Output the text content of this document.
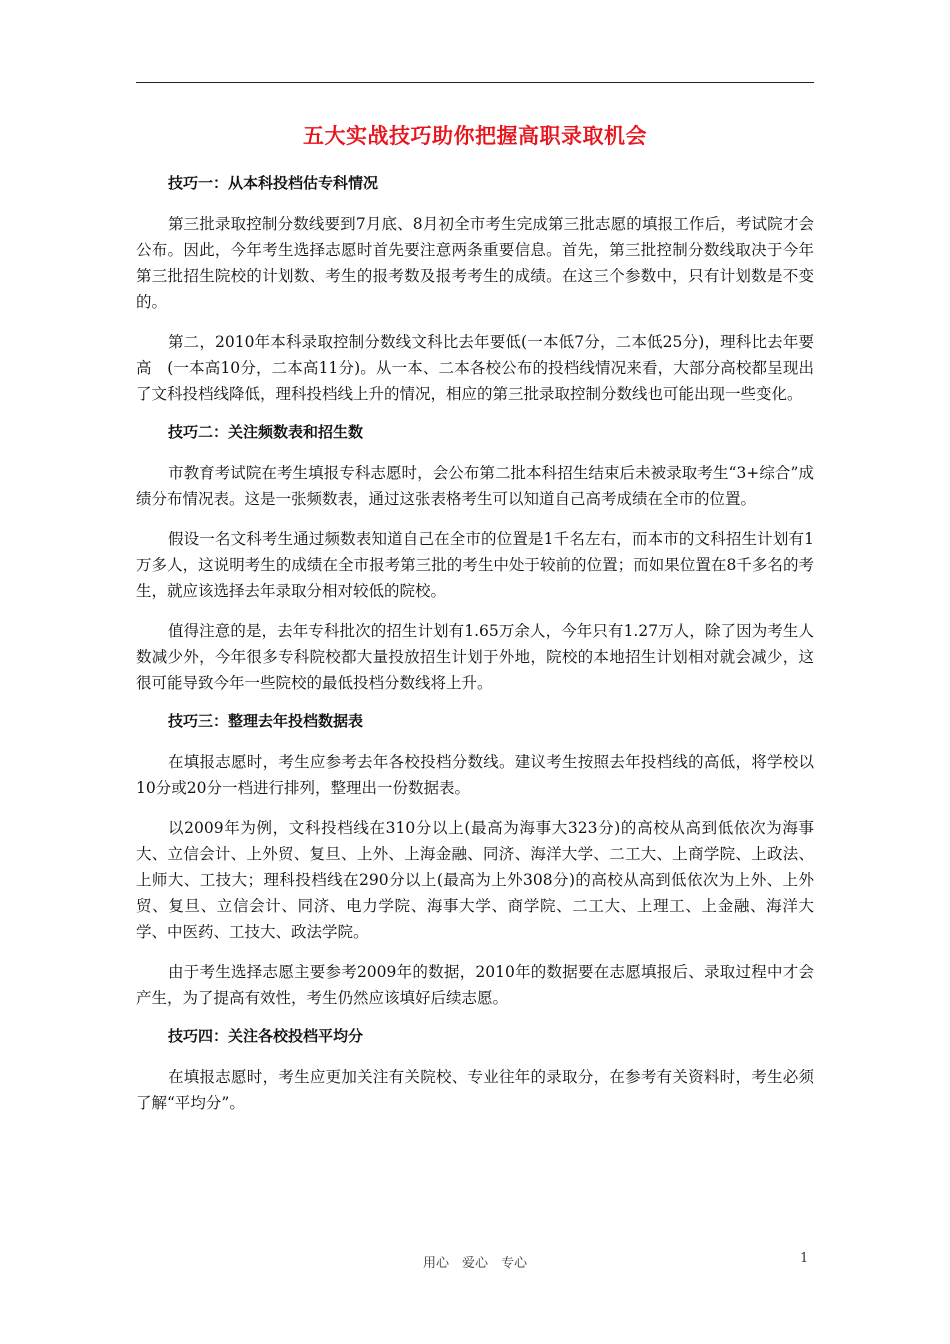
五大实战技巧助你把握高职录取机会
技巧一：从本科投档估专科情况

第三批录取控制分数线要到7月底、8月初全市考生完成第三批志愿的填报工作后，考试院才会公布。因此，今年考生选择志愿时首先要注意两条重要信息。首先，第三批控制分数线取决于今年第三批招生院校的计划数、考生的报考数及报考考生的成绩。在这三个参数中，只有计划数是不变的。

第二，2010年本科录取控制分数线文科比去年要低(一本低7分，二本低25分)，理科比去年要高　(一本高10分，二本高11分)。从一本、二本各校公布的投档线情况来看，大部分高校都呈现出了文科投档线降低，理科投档线上升的情况，相应的第三批录取控制分数线也可能出现一些变化。

技巧二：关注频数表和招生数

市教育考试院在考生填报专科志愿时，会公布第二批本科招生结束后未被录取考生“3+综合”成绩分布情况表。这是一张频数表，通过这张表格考生可以知道自己高考成绩在全市的位置。

假设一名文科考生通过频数表知道自己在全市的位置是1千名左右，而本市的文科招生计划有1万多人，这说明考生的成绩在全市报考第三批的考生中处于较前的位置；而如果位置在8千多名的考生，就应该选择去年录取分相对较低的院校。

值得注意的是，去年专科批次的招生计划有1.65万余人，今年只有1.27万人，除了因为考生人数减少外，今年很多专科院校都大量投放招生计划于外地，院校的本地招生计划相对就会减少，这很可能导致今年一些院校的最低投档分数线将上升。

技巧三：整理去年投档数据表

在填报志愿时，考生应参考去年各校投档分数线。建议考生按照去年投档线的高低，将学校以10分或20分一档进行排列，整理出一份数据表。

以2009年为例，文科投档线在310分以上(最高为海事大323分)的高校从高到低依次为海事大、立信会计、上外贸、复旦、上外、上海金融、同济、海洋大学、二工大、上商学院、上政法、上师大、工技大；理科投档线在290分以上(最高为上外308分)的高校从高到低依次为上外、上外贸、复旦、立信会计、同济、电力学院、海事大学、商学院、二工大、上理工、上金融、海洋大学、中医药、工技大、政法学院。

由于考生选择志愿主要参考2009年的数据，2010年的数据要在志愿填报后、录取过程中才会产生，为了提高有效性，考生仍然应该填好后续志愿。

技巧四：关注各校投档平均分

在填报志愿时，考生应更加关注有关院校、专业往年的录取分，在参考有关资料时，考生必须了解“平均分”。

用心　爱心　专心	1
